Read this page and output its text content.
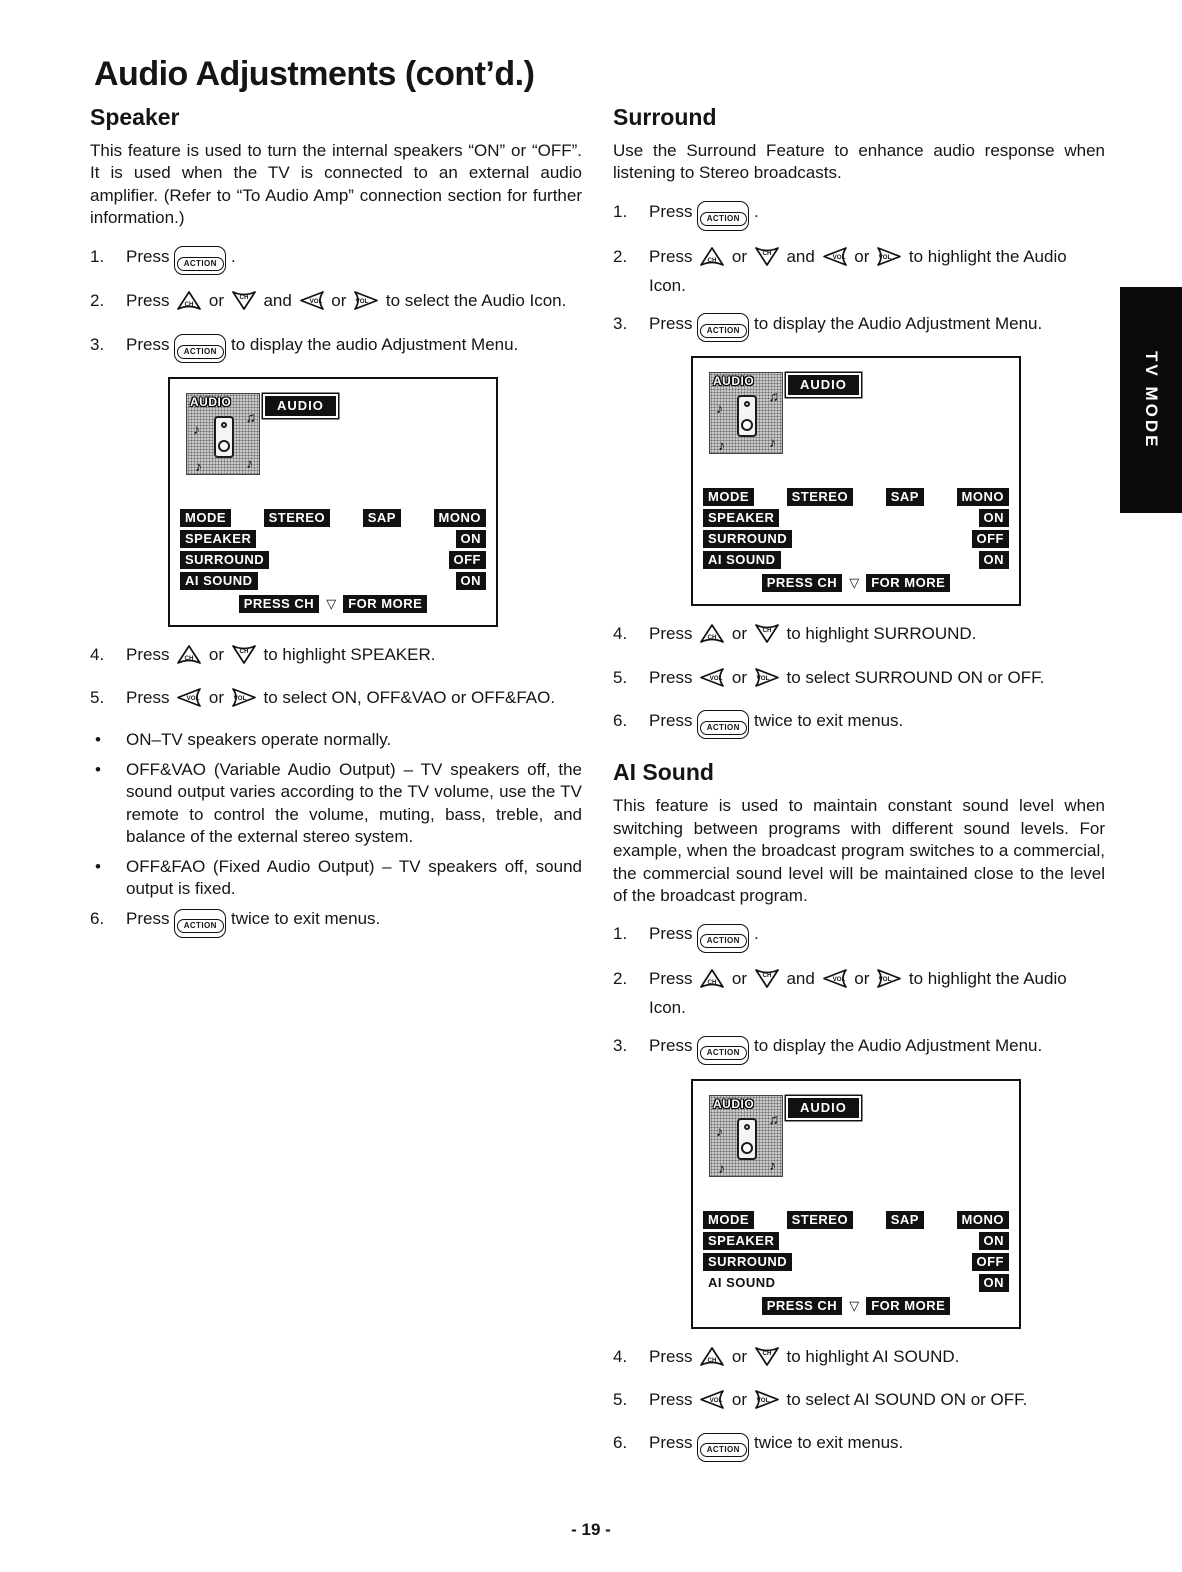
Audio Adjustments (cont’d.)
Speaker

This feature is used to turn the internal speakers “ON” or “OFF”. It is used when the TV is connected to an external audio amplifier. (Refer to “To Audio Amp” connection section for further information.)

1.	Press ACTION .
2.	Press CH or CH and VOL or VOL to select the Audio Icon.
3.	Press ACTION to display the audio Adjustment Menu.
AUDIO
♪
♫
♪	♪
AUDIO
MODE	STEREO	SAP	MONO
SPEAKER	ON
SURROUND	OFF
AI SOUND	ON
PRESS CH ▽ FOR MORE
4.	Press CH or CH to highlight SPEAKER.
5.	Press VOL or VOL to select ON, OFF&VAO or OFF&FAO.
•	ON–TV speakers operate normally.
•	OFF&VAO (Variable Audio Output) – TV speakers off, the sound output varies according to the TV volume, use the TV remote to control the volume, muting, bass, treble, and balance of the external stereo system.
•	OFF&FAO (Fixed Audio Output) – TV speakers off, sound output is fixed.
6.	Press ACTION twice to exit menus.
Surround

Use the Surround Feature to enhance audio response when listening to Stereo broadcasts.

1.	Press ACTION .
2.	Press CH or CH and VOL or VOL to highlight the Audio Icon.
3.	Press ACTION to display the Audio Adjustment Menu.
AUDIO
♪
♫
♪	♪
AUDIO
MODE	STEREO	SAP	MONO
SPEAKER	ON
SURROUND	OFF
AI SOUND	ON
PRESS CH ▽ FOR MORE
4.	Press CH or CH to highlight SURROUND.
5.	Press VOL or VOL to select SURROUND ON or OFF.
6.	Press ACTION twice to exit menus.
AI Sound

This feature is used to maintain constant sound level when switching between programs with different sound levels. For example, when the broadcast program switches to a commercial, the commercial sound level will be maintained close to the level of the broadcast program.

1.	Press ACTION .
2.	Press CH or CH and VOL or VOL to highlight the Audio Icon.
3.	Press ACTION to display the Audio Adjustment Menu.
AUDIO
♪
♫
♪	♪
AUDIO
MODE	STEREO	SAP	MONO
SPEAKER	ON
SURROUND	OFF
AI SOUND	ON
PRESS CH ▽ FOR MORE
4.	Press CH or CH to highlight AI SOUND.
5.	Press VOL or VOL to select AI SOUND ON or OFF.
6.	Press ACTION twice to exit menus.
TV MODE
- 19 -
